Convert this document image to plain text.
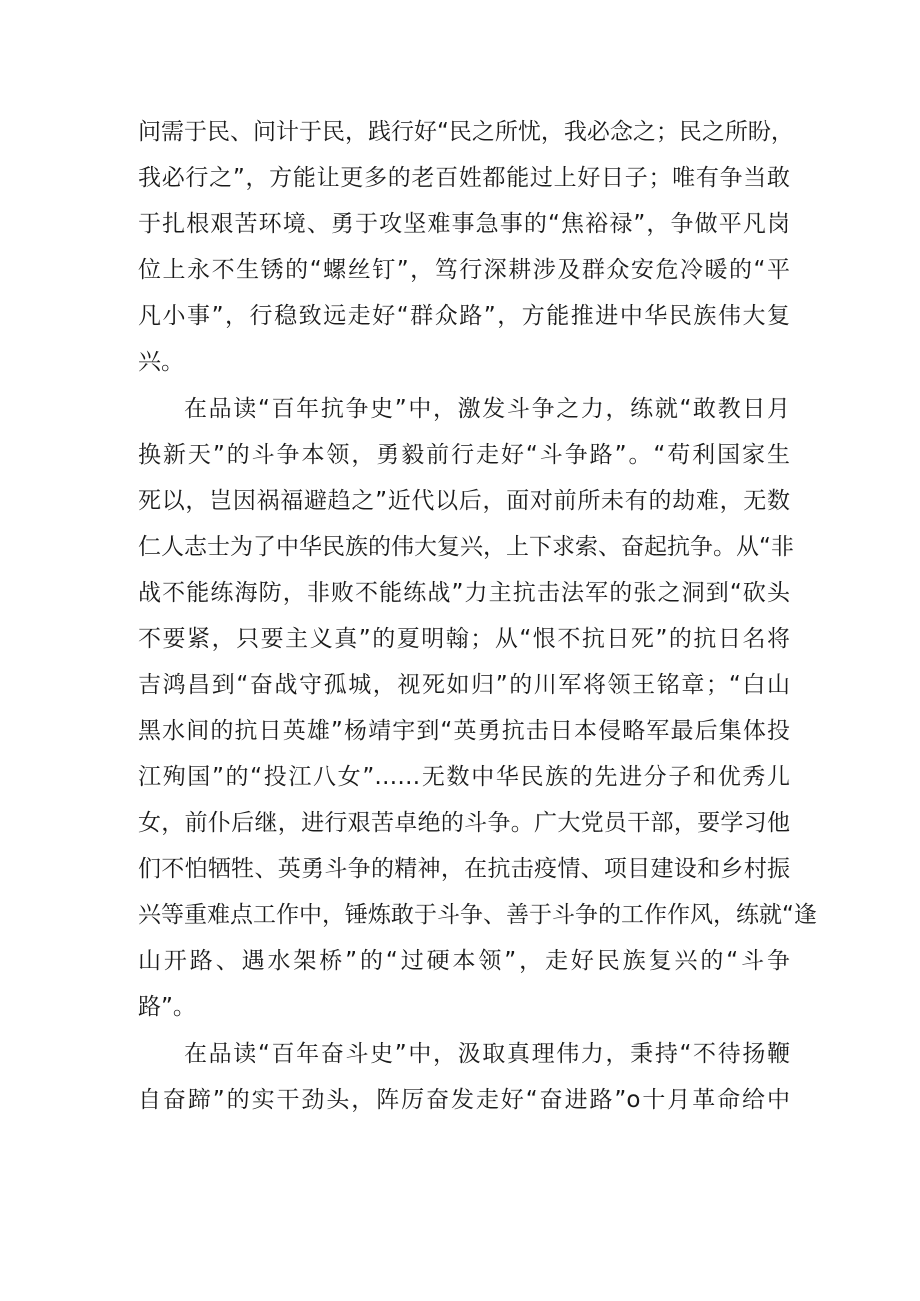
问需于民、问计于民，践行好“民之所忧，我必念之；民之所盼，
我必行之”，方能让更多的老百姓都能过上好日子；唯有争当敢
于扎根艰苦环境、勇于攻坚难事急事的“焦裕禄”，争做平凡岗
位上永不生锈的“螺丝钉”，笃行深耕涉及群众安危冷暖的“平
凡小事”，行稳致远走好“群众路”，方能推进中华民族伟大复
兴。
在品读“百年抗争史”中，激发斗争之力，练就“敢教日月
换新天”的斗争本领，勇毅前行走好“斗争路”。“苟利国家生
死以，岂因祸福避趋之”近代以后，面对前所未有的劫难，无数
仁人志士为了中华民族的伟大复兴，上下求索、奋起抗争。从“非
战不能练海防，非败不能练战”力主抗击法军的张之洞到“砍头
不要紧，只要主义真”的夏明翰；从“恨不抗日死”的抗日名将
吉鸿昌到“奋战守孤城，视死如归”的川军将领王铭章；“白山
黑水间的抗日英雄”杨靖宇到“英勇抗击日本侵略军最后集体投
江殉国”的“投江八女”……无数中华民族的先进分子和优秀儿
女，前仆后继，进行艰苦卓绝的斗争。广大党员干部，要学习他
们不怕牺牲、英勇斗争的精神，在抗击疫情、项目建设和乡村振
兴等重难点工作中，锤炼敢于斗争、善于斗争的工作作风，练就“逢
山开路、遇水架桥”的“过硬本领”，走好民族复兴的“斗争
路”。
在品读“百年奋斗史”中，汲取真理伟力，秉持“不待扬鞭
自奋蹄”的实干劲头，阵厉奋发走好“奋进路”o十月革命给中
